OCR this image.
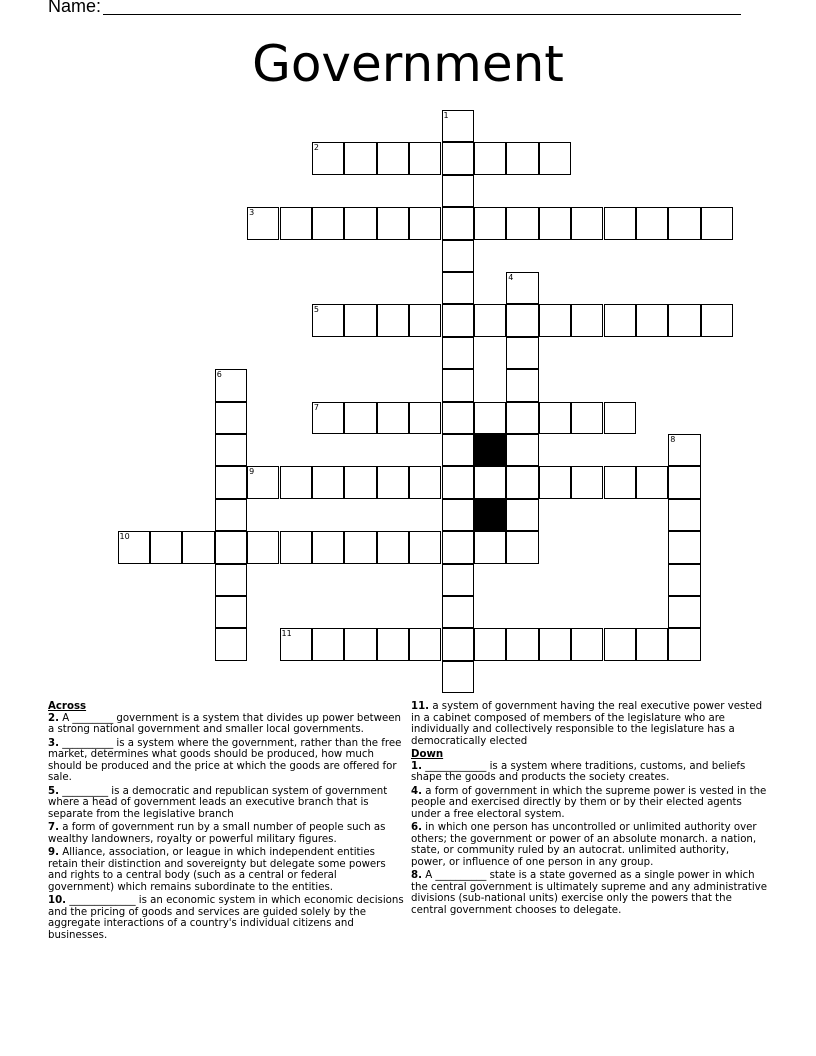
Name:
Government
1
2
3
4
5
6
7
8
9
10
11
Across
2. A ________ government is a system that divides up power between a strong national government and smaller local governments.
3. __________ is a system where the government, rather than the free market, determines what goods should be produced, how much should be produced and the price at which the goods are offered for sale.
5. _________ is a democratic and republican system of government where a head of government leads an executive branch that is separate from the legislative branch
7. a form of government run by a small number of people such as wealthy landowners, royalty or powerful military figures.
9. Alliance, association, or league in which independent entities retain their distinction and sovereignty but delegate some powers and rights to a central body (such as a central or federal government) which remains subordinate to the entities.
10. _____________ is an economic system in which economic decisions and the pricing of goods and services are guided solely by the aggregate interactions of a country's individual citizens and businesses.
11. a system of government having the real executive power vested in a cabinet composed of members of the legislature who are individually and collectively responsible to the legislature has a democratically elected
Down
1. ____________ is a system where traditions, customs, and beliefs shape the goods and products the society creates.
4. a form of government in which the supreme power is vested in the people and exercised directly by them or by their elected agents under a free electoral system.
6. in which one person has uncontrolled or unlimited authority over others; the government or power of an absolute monarch. a nation, state, or community ruled by an autocrat. unlimited authority, power, or influence of one person in any group.
8. A __________ state is a state governed as a single power in which the central government is ultimately supreme and any administrative divisions (sub-national units) exercise only the powers that the central government chooses to delegate.
